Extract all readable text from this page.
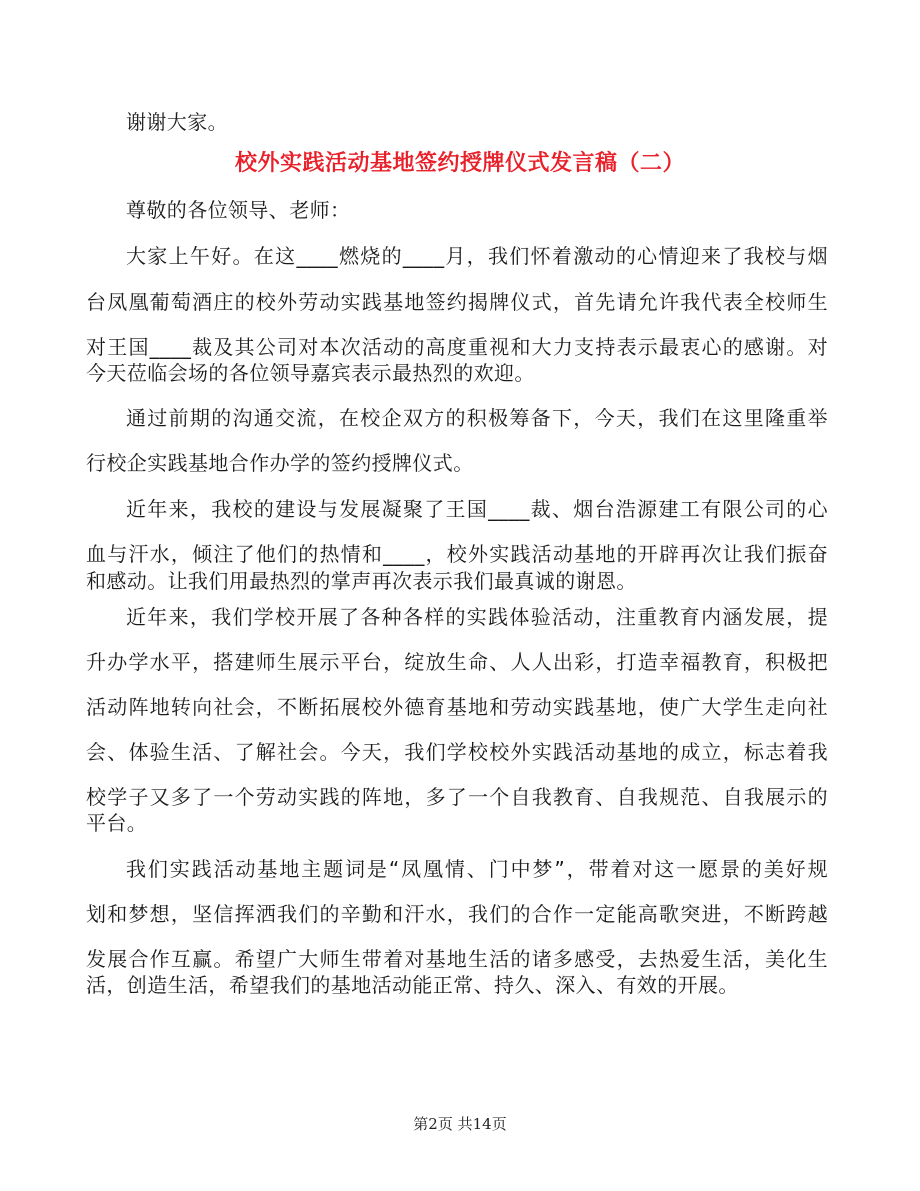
谢谢大家。
校外实践活动基地签约授牌仪式发言稿（二）
尊敬的各位领导、老师：
大家上午好。在这____燃烧的____月，我们怀着激动的心情迎来了我校与烟
台凤凰葡萄酒庄的校外劳动实践基地签约揭牌仪式，首先请允许我代表全校师生
对王国____裁及其公司对本次活动的高度重视和大力支持表示最衷心的感谢。对
今天莅临会场的各位领导嘉宾表示最热烈的欢迎。
通过前期的沟通交流，在校企双方的积极筹备下，今天，我们在这里隆重举
行校企实践基地合作办学的签约授牌仪式。
近年来，我校的建设与发展凝聚了王国____裁、烟台浩源建工有限公司的心
血与汗水，倾注了他们的热情和____，校外实践活动基地的开辟再次让我们振奋
和感动。让我们用最热烈的掌声再次表示我们最真诚的谢恩。
近年来，我们学校开展了各种各样的实践体验活动，注重教育内涵发展，提
升办学水平，搭建师生展示平台，绽放生命、人人出彩，打造幸福教育，积极把
活动阵地转向社会，不断拓展校外德育基地和劳动实践基地，使广大学生走向社
会、体验生活、了解社会。今天，我们学校校外实践活动基地的成立，标志着我
校学子又多了一个劳动实践的阵地，多了一个自我教育、自我规范、自我展示的
平台。
我们实践活动基地主题词是“凤凰情、门中梦”，带着对这一愿景的美好规
划和梦想，坚信挥洒我们的辛勤和汗水，我们的合作一定能高歌突进，不断跨越
发展合作互赢。希望广大师生带着对基地生活的诸多感受，去热爱生活，美化生
活，创造生活，希望我们的基地活动能正常、持久、深入、有效的开展。
第2页 共14页
